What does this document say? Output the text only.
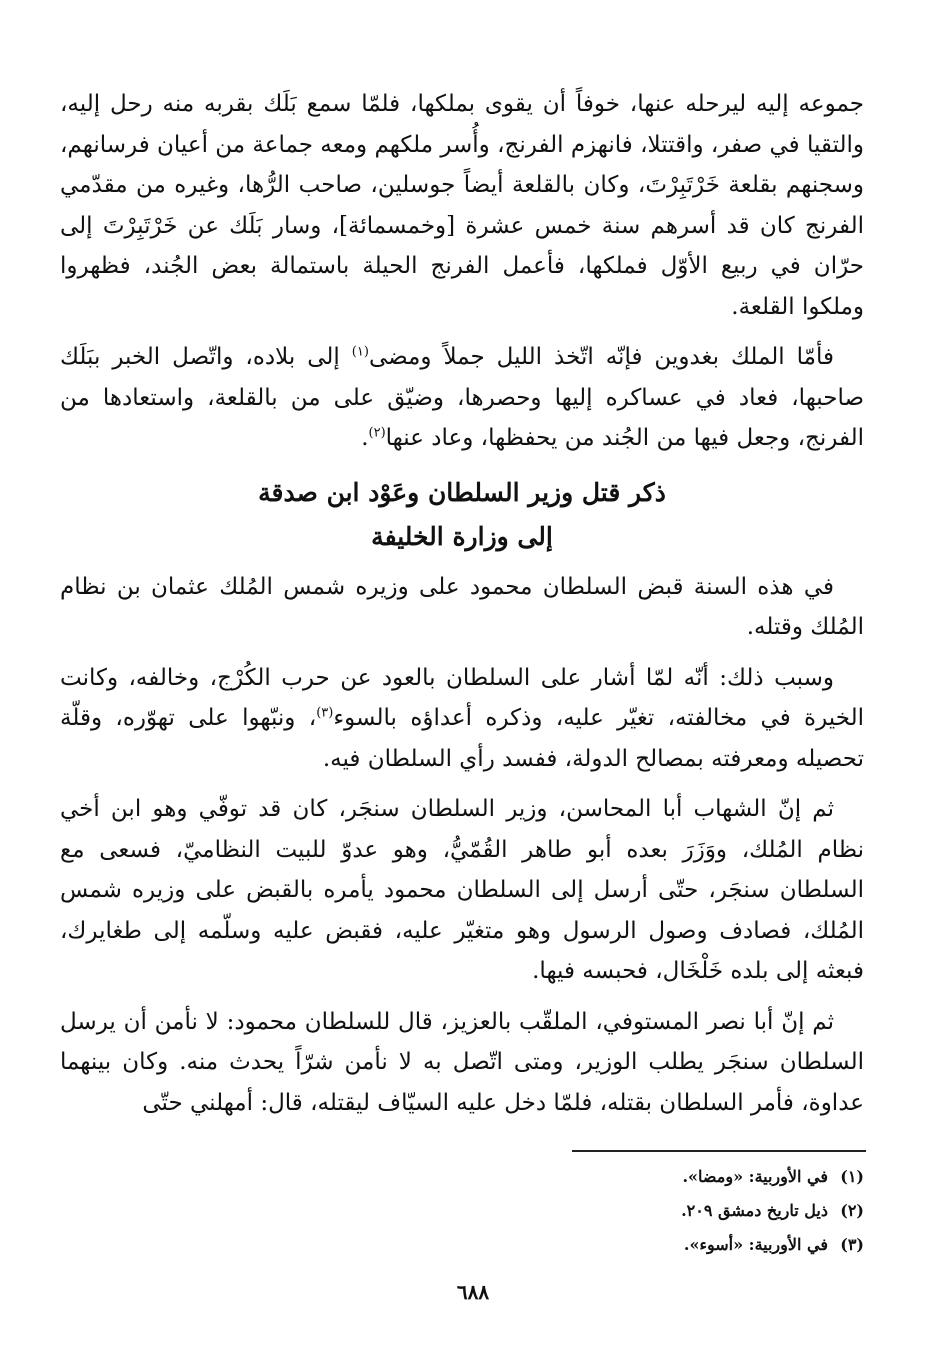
جموعه إليه ليرحله عنها، خوفاً أن يقوى بملكها، فلمّا سمع بَلَك بقربه منه رحل إليه، والتقيا في صفر، واقتتلا، فانهزم الفرنج، وأُسر ملكهم ومعه جماعة من أعيان فرسانهم، وسجنهم بقلعة خَرْتَبِرْتَ، وكان بالقلعة أيضاً جوسلين، صاحب الرُّها، وغيره من مقدّمي الفرنج كان قد أسرهم سنة خمس عشرة [وخمسمائة]، وسار بَلَك عن خَرْتَبِرْتَ إلى حرّان في ربيع الأوّل فملكها، فأعمل الفرنج الحيلة باستمالة بعض الجُند، فظهروا وملكوا القلعة.

فأمّا الملك بغدوين فإنّه اتّخذ الليل جملاً ومضى$^{(١)}$ إلى بلاده، واتّصل الخبر ببَلَك صاحبها، فعاد في عساكره إليها وحصرها، وضيّق على من بالقلعة، واستعادها من الفرنج، وجعل فيها من الجُند من يحفظها، وعاد عنها$^{(٢)}$.

ذكر قتل وزير السلطان وعَوْد ابن صدقة
إلى وزارة الخليفة

في هذه السنة قبض السلطان محمود على وزيره شمس المُلك عثمان بن نظام المُلك وقتله.

وسبب ذلك: أنّه لمّا أشار على السلطان بالعود عن حرب الكُرْج، وخالفه، وكانت الخيرة في مخالفته، تغيّر عليه، وذكره أعداؤه بالسوء$^{(٣)}$، ونبّهوا على تهوّره، وقلّة تحصيله ومعرفته بمصالح الدولة، ففسد رأي السلطان فيه.

ثم إنّ الشهاب أبا المحاسن، وزير السلطان سنجَر، كان قد توفّي وهو ابن أخي نظام المُلك، ووَزَرَ بعده أبو طاهر القُمّيُّ، وهو عدوّ للبيت النظاميّ، فسعى مع السلطان سنجَر، حتّى أرسل إلى السلطان محمود يأمره بالقبض على وزيره شمس المُلك، فصادف وصول الرسول وهو متغيّر عليه، فقبض عليه وسلّمه إلى طغايرك، فبعثه إلى بلده خَلْخَال، فحبسه فيها.

ثم إنّ أبا نصر المستوفي، الملقّب بالعزيز، قال للسلطان محمود: لا نأمن أن يرسل السلطان سنجَر يطلب الوزير، ومتى اتّصل به لا نأمن شرّاً يحدث منه. وكان بينهما عداوة، فأمر السلطان بقتله، فلمّا دخل عليه السيّاف ليقتله، قال: أمهلني حتّى

(١)
في الأوربية: «ومضا».
(٢)
ذيل تاريخ دمشق ٢٠٩.
(٣)
في الأوربية: «أسوء».
٦٨٨
